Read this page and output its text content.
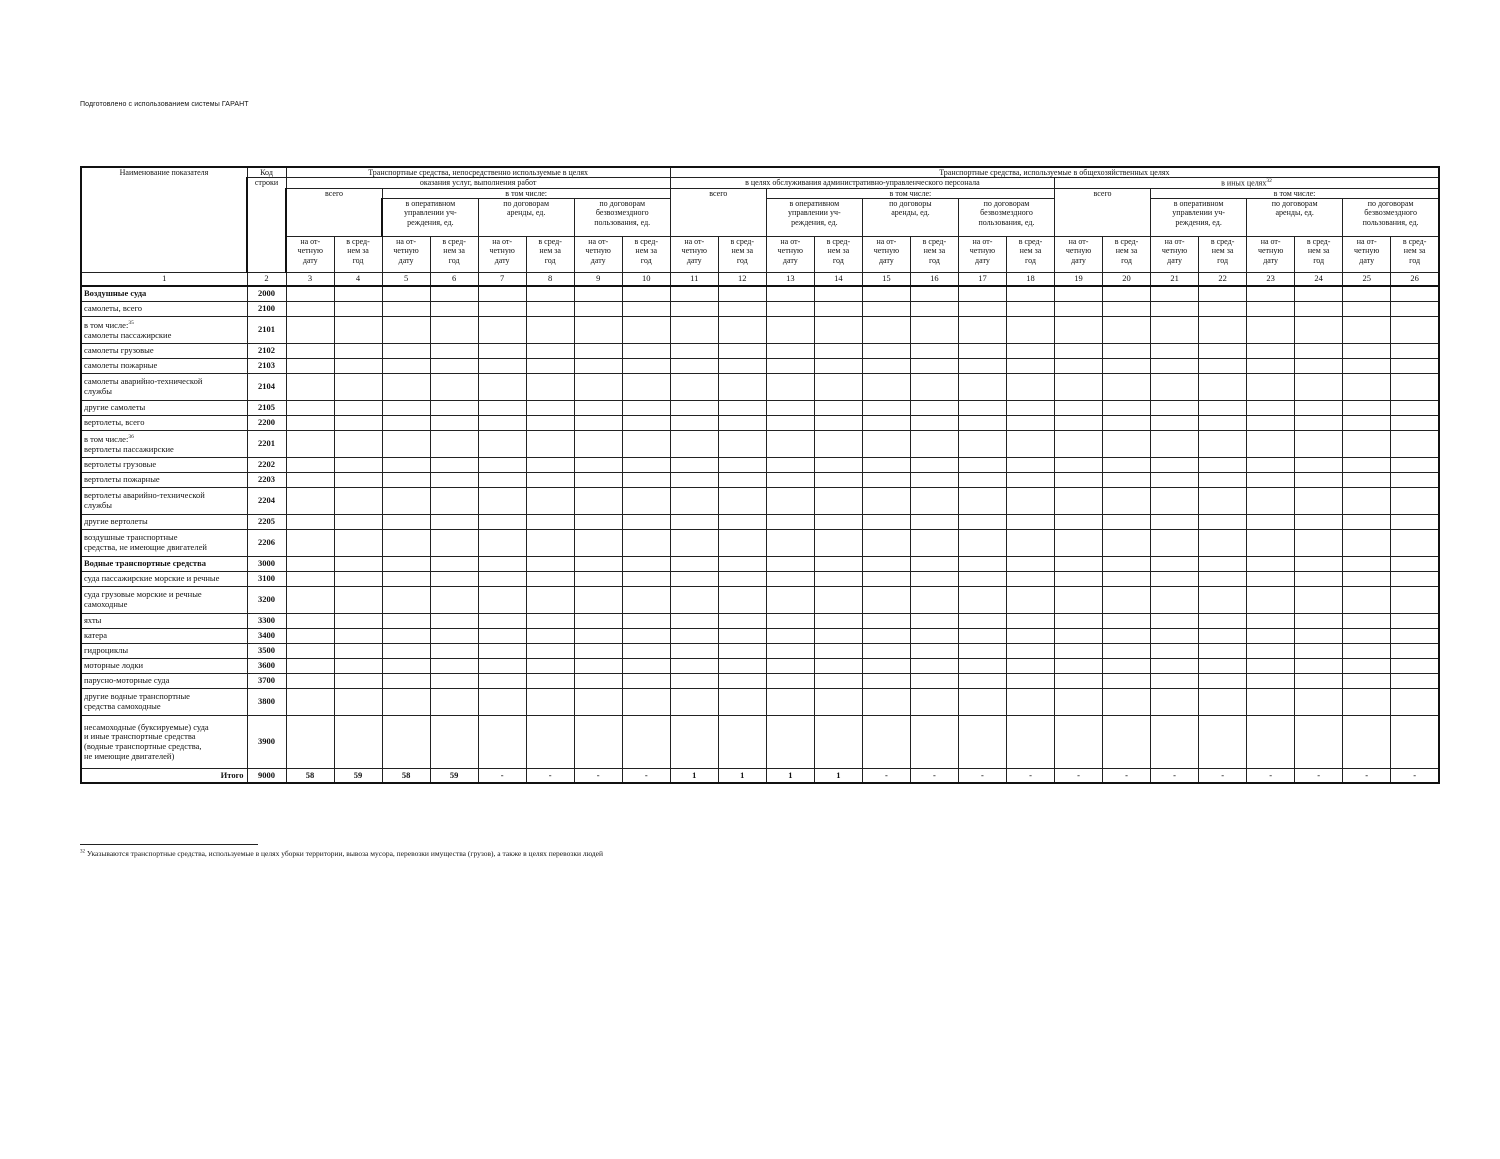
Подготовлено с использованием системы ГАРАНТ
Наименование показателя	Код	Транспортные средства, непосредственно используемые в целях								Транспортные средства, используемые в общехозяйственных целях															
	строки	оказания услуг, выполнения работ								в целях обслуживания административно-управленческого персонала								в иных целях$^{32}$
		всего		в том числе:						всего		в том числе:						всего		в том числе:					
				в оперативном
управлении уч-
реждения, ед.		по договорам
аренды, ед.		по договорам
безвозмездного
пользования, ед.				в оперативном
управлении уч-
реждения, ед.		по договоры
аренды, ед.		по договорам
безвозмездного
пользования, ед.				в оперативном
управлении уч-
реждения, ед.		по договорам
аренды, ед.		по договорам
безвозмездного
пользования, ед.	
		на от-
четную
дату	в сред-
нем за
год	на от-
четную
дату	в сред-
нем за
год	на от-
четную
дату	в сред-
нем за
год	на от-
четную
дату	в сред-
нем за
год	на от-
четную
дату	в сред-
нем за
год	на от-
четную
дату	в сред-
нем за
год	на от-
четную
дату	в сред-
нем за
год	на от-
четную
дату	в сред-
нем за
год	на от-
четную
дату	в сред-
нем за
год	на от-
четную
дату	в сред-
нем за
год	на от-
четную
дату	в сред-
нем за
год	на от-
четную
дату	в сред-
нем за
год
1	2	3	4	5	6	7	8	9	10	11	12	13	14	15	16	17	18	19	20	21	22	23	24	25	26
Воздушные суда	2000																								
самолеты, всего	2100																								
в том числе:$^{35}$
самолеты пассажирские	2101																								
самолеты грузовые	2102																								
самолеты пожарные	2103																								
самолеты аварийно-технической
службы	2104																								
другие самолеты	2105																								
вертолеты, всего	2200																								
в том числе:$^{36}$
вертолеты пассажирские	2201																								
вертолеты грузовые	2202																								
вертолеты пожарные	2203																								
вертолеты аварийно-технической
службы	2204																								
другие вертолеты	2205																								
воздушные транспортные
средства, не имеющие двигателей	2206																								
Водные транспортные средства	3000																								
суда пассажирские морские и речные	3100																								
суда грузовые морские и речные
самоходные	3200																								
яхты	3300																								
катера	3400																								
гидроциклы	3500																								
моторные лодки	3600																								
парусно-моторные суда	3700																								
другие водные транспортные
средства самоходные	3800																								
несамоходные (буксируемые) суда
и иные транспортные средства
(водные транспортные средства,
не имеющие двигателей)	3900																								
Итого	9000	58	59	58	59	-	-	-	-	1	1	1	1	-	-	-	-	-	-	-	-	-	-	-	-
$^{32}$ Указываются транспортные средства, используемые в целях уборки территории, вывоза мусора, перевозки имущества (грузов), а также в целях перевозки людей
